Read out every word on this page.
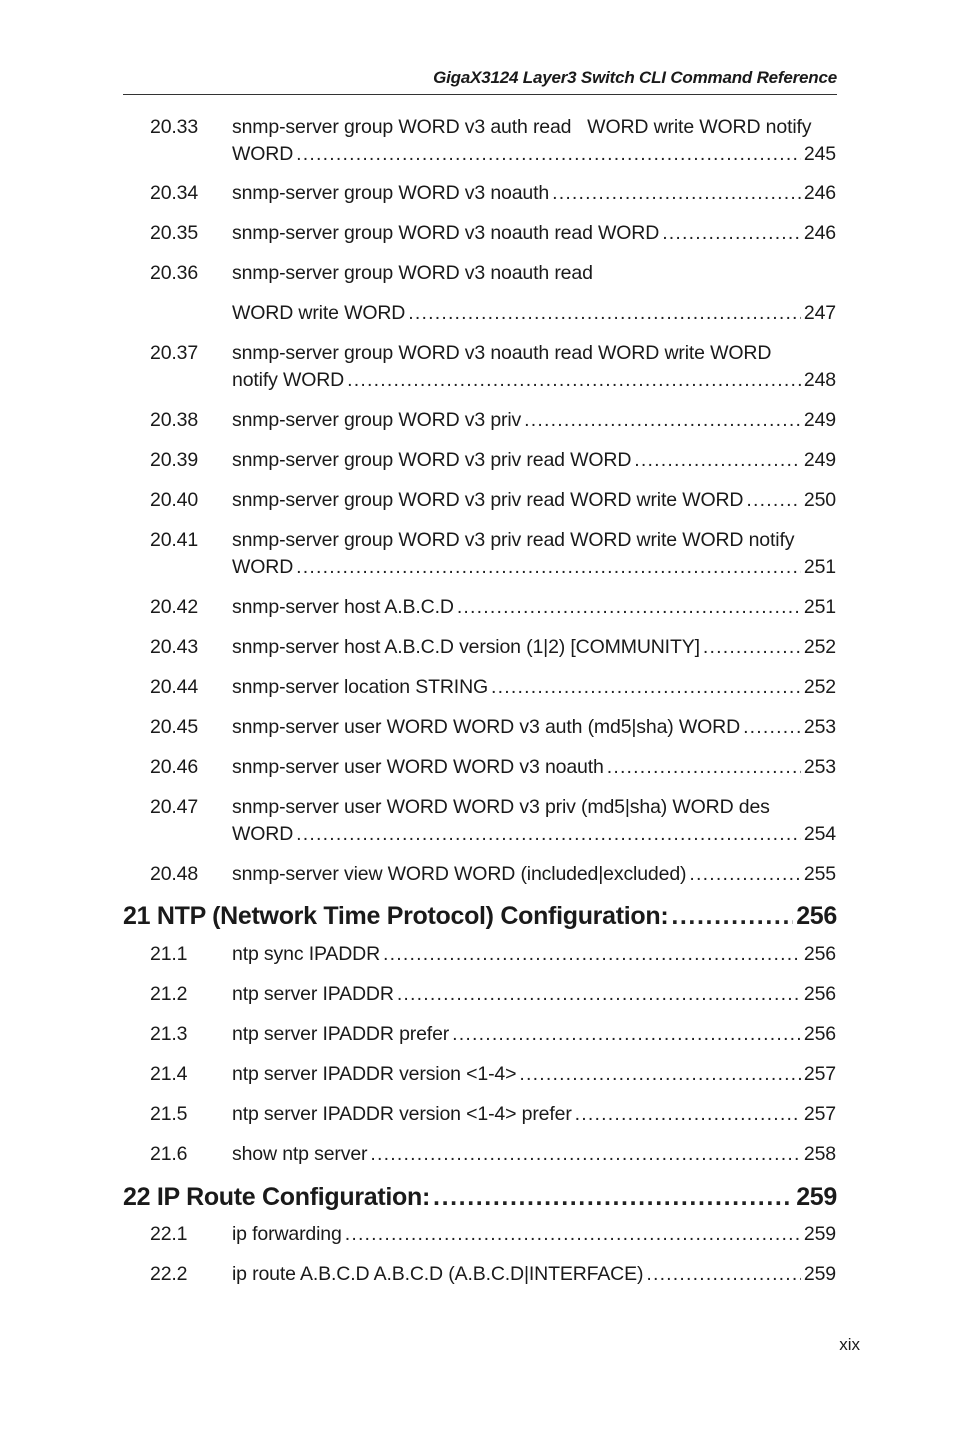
GigaX3124 Layer3 Switch CLI Command Reference
20.33 snmp-server group WORD v3 auth read   WORD write WORD notify
WORD .....	245
20.34 snmp-server group WORD v3 noauth .....	246
20.35 snmp-server group WORD v3 noauth read WORD .....	246
20.36 snmp-server group WORD v3 noauth read
WORD write WORD .....	247
20.37 snmp-server group WORD v3 noauth read WORD write WORD
notify WORD .....	248
20.38 snmp-server group WORD v3 priv .....	249
20.39 snmp-server group WORD v3 priv read WORD .....	249
20.40 snmp-server group WORD v3 priv read WORD write WORD .....	250
20.41 snmp-server group WORD v3 priv read WORD write WORD notify
WORD .....	251
20.42 snmp-server host A.B.C.D .....	251
20.43 snmp-server host A.B.C.D version (1|2) [COMMUNITY] .....	252
20.44 snmp-server location STRING .....	252
20.45 snmp-server user WORD WORD v3 auth (md5|sha) WORD .....	253
20.46 snmp-server user WORD WORD v3 noauth .....	253
20.47 snmp-server user WORD WORD v3 priv (md5|sha) WORD des
WORD .....	254
20.48 snmp-server view WORD WORD (included|excluded) .....	255
21 NTP (Network Time Protocol) Configuration: .....	256
21.1 ntp sync IPADDR .....	256
21.2 ntp server IPADDR .....	256
21.3 ntp server IPADDR prefer .....	256
21.4 ntp server IPADDR version <1-4> .....	257
21.5 ntp server IPADDR version <1-4> prefer .....	257
21.6 show ntp server .....	258
22 IP Route Configuration: .....	259
22.1 ip forwarding .....	259
22.2 ip route A.B.C.D A.B.C.D (A.B.C.D|INTERFACE) .....	259
xix
